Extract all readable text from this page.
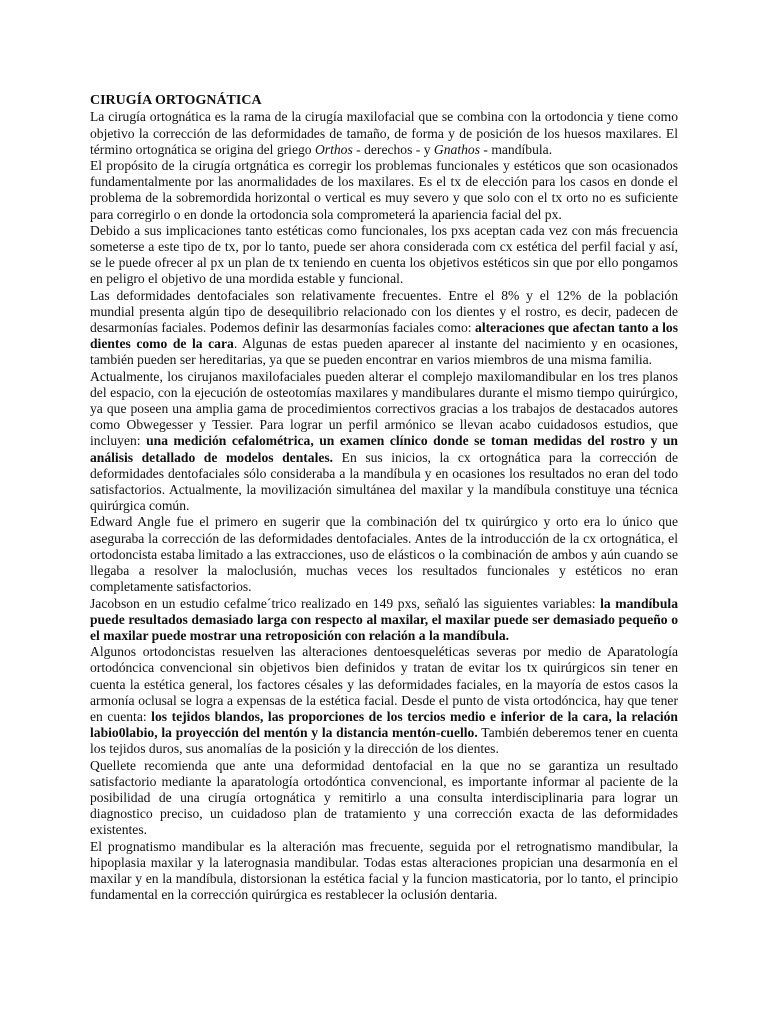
CIRUGÍA ORTOGNÁTICA

La cirugía ortognática es la rama de la cirugía maxilofacial que se combina con la ortodoncia y tiene como objetivo la corrección de las deformidades de tamaño, de forma y de posición de los huesos maxilares. El término ortognática se origina del griego Orthos - derechos - y Gnathos - mandíbula.

El propósito de la cirugía ortgnática es corregir los problemas funcionales y estéticos que son ocasionados fundamentalmente por las anormalidades de los maxilares. Es el tx de elección para los casos en donde el problema de la sobremordida horizontal o vertical es muy severo y que solo con el tx orto no es suficiente para corregirlo o en donde la ortodoncia sola comprometerá la apariencia facial del px.

Debido a sus implicaciones tanto estéticas como funcionales, los pxs aceptan cada vez con más frecuencia someterse a este tipo de tx, por lo tanto, puede ser ahora considerada com cx estética del perfil facial y así, se le puede ofrecer al px un plan de tx teniendo en cuenta los objetivos estéticos sin que por ello pongamos en peligro el objetivo de una mordida estable y funcional.

Las deformidades dentofaciales son relativamente frecuentes. Entre el 8% y el 12% de la población mundial presenta algún tipo de desequilibrio relacionado con los dientes y el rostro, es decir, padecen de desarmonías faciales. Podemos definir las desarmonías faciales como: alteraciones que afectan tanto a los dientes como de la cara. Algunas de estas pueden aparecer al instante del nacimiento y en ocasiones, también pueden ser hereditarias, ya que se pueden encontrar en varios miembros de una misma familia.

Actualmente, los cirujanos maxilofaciales pueden alterar el complejo maxilomandibular en los tres planos del espacio, con la ejecución de osteotomías maxilares y mandibulares durante el mismo tiempo quirúrgico, ya que poseen una amplia gama de procedimientos correctivos gracias a los trabajos de destacados autores como Obwegesser y Tessier. Para lograr un perfil armónico se llevan acabo cuidadosos estudios, que incluyen: una medición cefalométrica, un examen clínico donde se toman medidas del rostro y un análisis detallado de modelos dentales. En sus inicios, la cx ortognática para la corrección de deformidades dentofaciales sólo consideraba a la mandíbula y en ocasiones los resultados no eran del todo satisfactorios. Actualmente, la movilización simultánea del maxilar y la mandíbula constituye una técnica quirúrgica común.

Edward Angle fue el primero en sugerir que la combinación del tx quirúrgico y orto era lo único que aseguraba la corrección de las deformidades dentofaciales. Antes de la introducción de la cx ortognática, el ortodoncista estaba limitado a las extracciones, uso de elásticos o la combinación de ambos y aún cuando se llegaba a resolver la maloclusión, muchas veces los resultados funcionales y estéticos no eran completamente satisfactorios.

Jacobson en un estudio cefalme´trico realizado en 149 pxs, señaló las siguientes variables: la mandíbula puede resultados demasiado larga con respecto al maxilar, el maxilar puede ser demasiado pequeño o el maxilar puede mostrar una retroposición con relación a la mandíbula.

Algunos ortodoncistas resuelven las alteraciones dentoesqueléticas severas por medio de Aparatología ortodóncica convencional sin objetivos bien definidos y tratan de evitar los tx quirúrgicos sin tener en cuenta la estética general, los factores césales y las deformidades faciales, en la mayoría de estos casos la armonía oclusal se logra a expensas de la estética facial. Desde el punto de vista ortodóncica, hay que tener en cuenta: los tejidos blandos, las proporciones de los tercios medio e inferior de la cara, la relación labio0labio, la proyección del mentón y la distancia mentón-cuello. También deberemos tener en cuenta los tejidos duros, sus anomalías de la posición y la dirección de los dientes.

Quellete recomienda que ante una deformidad dentofacial en la que no se garantiza un resultado satisfactorio mediante la aparatología ortodóntica convencional, es importante informar al paciente de la posibilidad de una cirugía ortognática y remitirlo a una consulta interdisciplinaria para lograr un diagnostico preciso, un cuidadoso plan de tratamiento y una corrección exacta de las deformidades existentes.

El prognatismo mandibular es la alteración mas frecuente, seguida por el retrognatismo mandibular, la hipoplasia maxilar y la laterognasia mandibular. Todas estas alteraciones propician una desarmonía en el maxilar y en la mandíbula, distorsionan la estética facial y la funcion masticatoria, por lo tanto, el principio fundamental en la corrección quirúrgica es restablecer la oclusión dentaria.
